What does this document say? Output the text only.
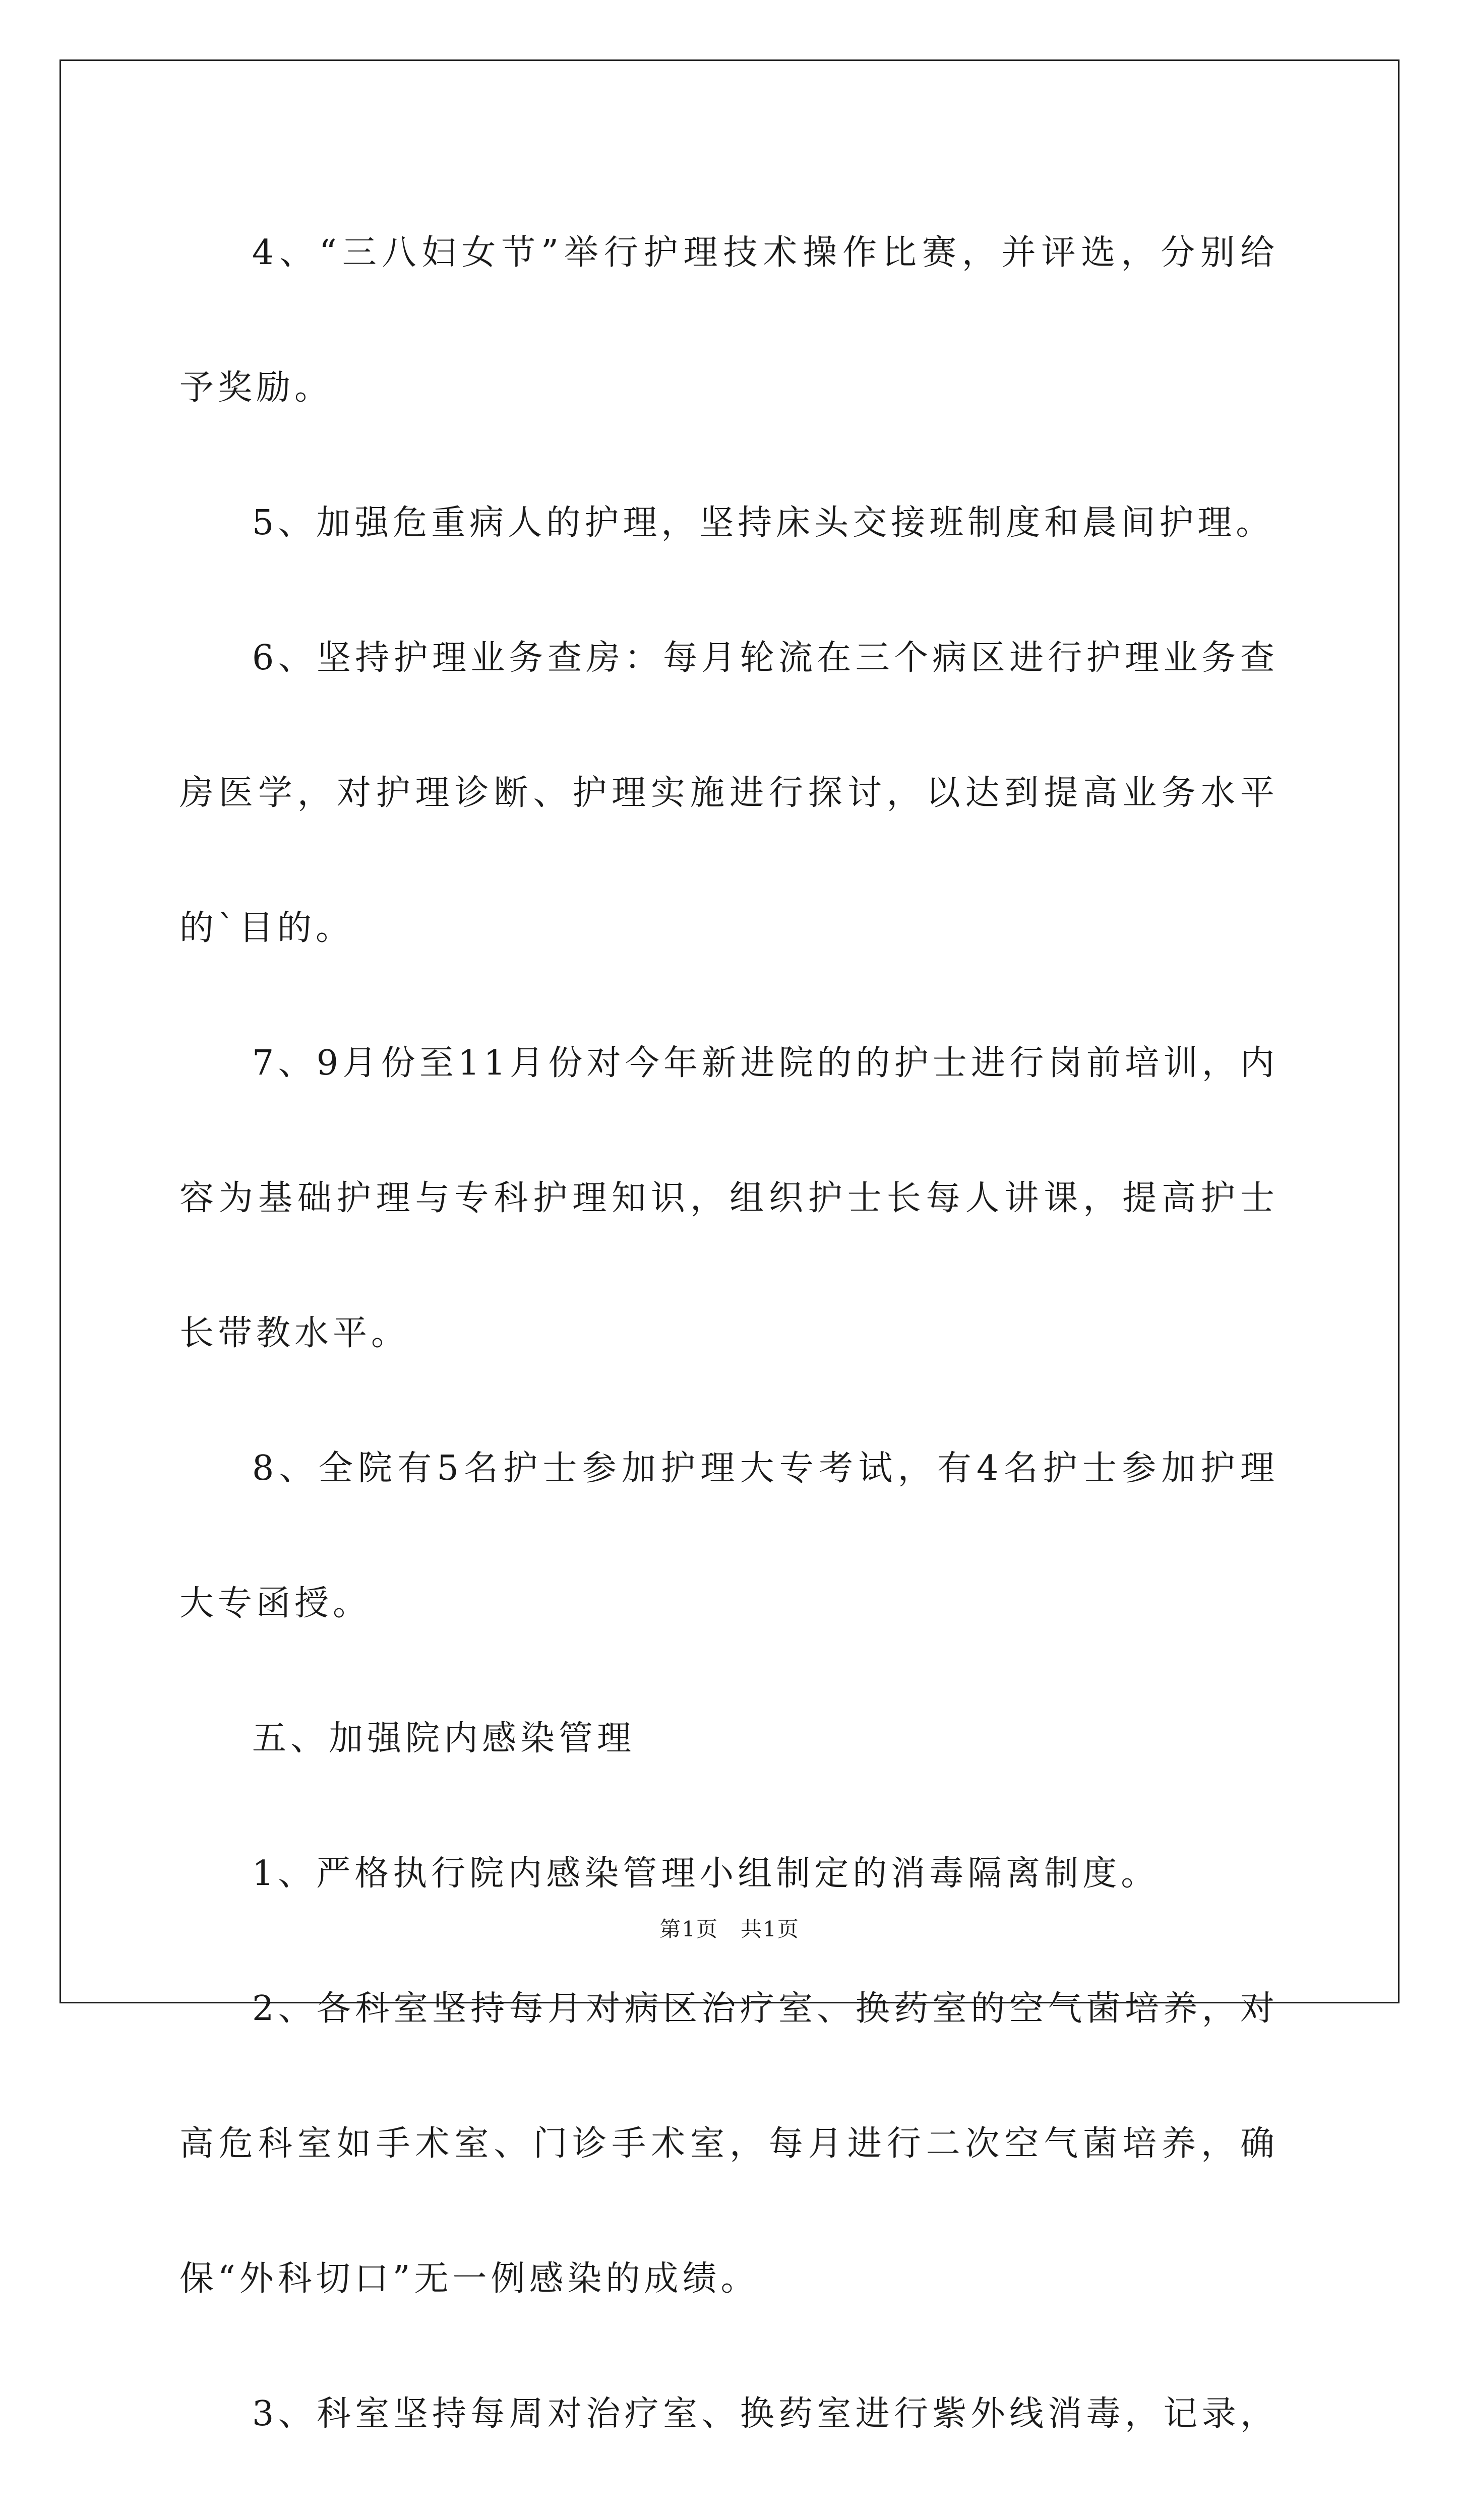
4、“三八妇女节”举行护理技术操作比赛，并评选，分别给予奖励。

5、加强危重病人的护理，坚持床头交接班制度和晨间护理。

6、坚持护理业务查房：每月轮流在三个病区进行护理业务查房医学，对护理诊断、护理实施进行探讨，以达到提高业务水平的`目的。

7、9月份至11月份对今年新进院的的护士进行岗前培训，内容为基础护理与专科护理知识，组织护士长每人讲课，提高护士长带教水平。

8、全院有5名护士参加护理大专考试，有4名护士参加护理大专函授。

五、加强院内感染管理

1、严格执行院内感染管理小组制定的消毒隔离制度。

2、各科室坚持每月对病区治疗室、换药室的空气菌培养，对高危科室如手术室、门诊手术室，每月进行二次空气菌培养，确保“外科切口”无一例感染的成绩。

3、科室坚持每周对治疗室、换药室进行紫外线消毒，记录，

第1页　共1页
